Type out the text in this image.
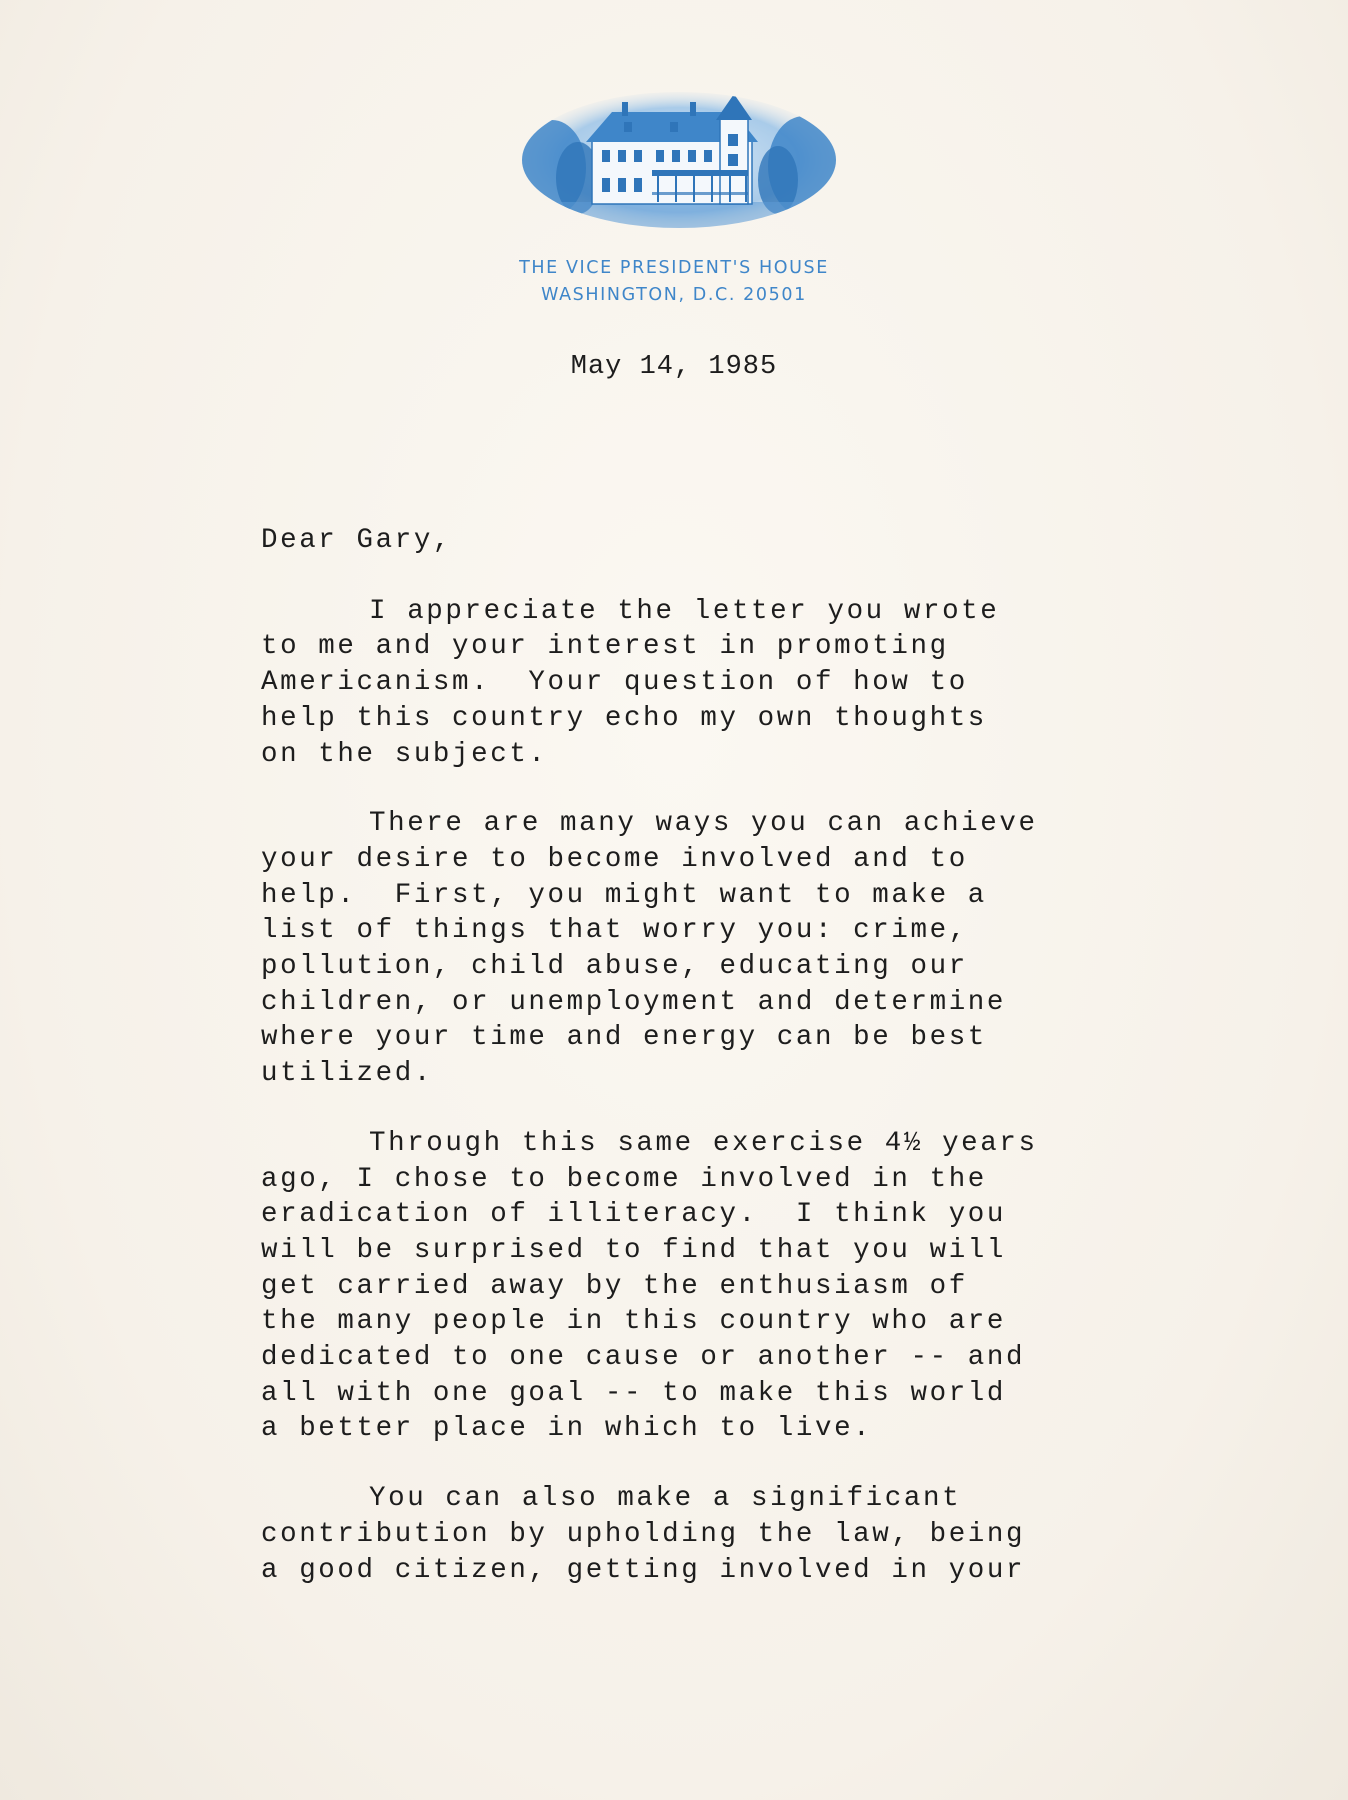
THE VICE PRESIDENT'S HOUSE
WASHINGTON, D.C. 20501
May 14, 1985
Dear Gary,
I appreciate the letter you wrote
to me and your interest in promoting
Americanism.  Your question of how to
help this country echo my own thoughts
on the subject.
There are many ways you can achieve
your desire to become involved and to
help.  First, you might want to make a
list of things that worry you: crime,
pollution, child abuse, educating our
children, or unemployment and determine
where your time and energy can be best
utilized.
Through this same exercise 4½ years
ago, I chose to become involved in the
eradication of illiteracy.  I think you
will be surprised to find that you will
get carried away by the enthusiasm of
the many people in this country who are
dedicated to one cause or another -- and
all with one goal -- to make this world
a better place in which to live.
You can also make a significant
contribution by upholding the law, being
a good citizen, getting involved in your
